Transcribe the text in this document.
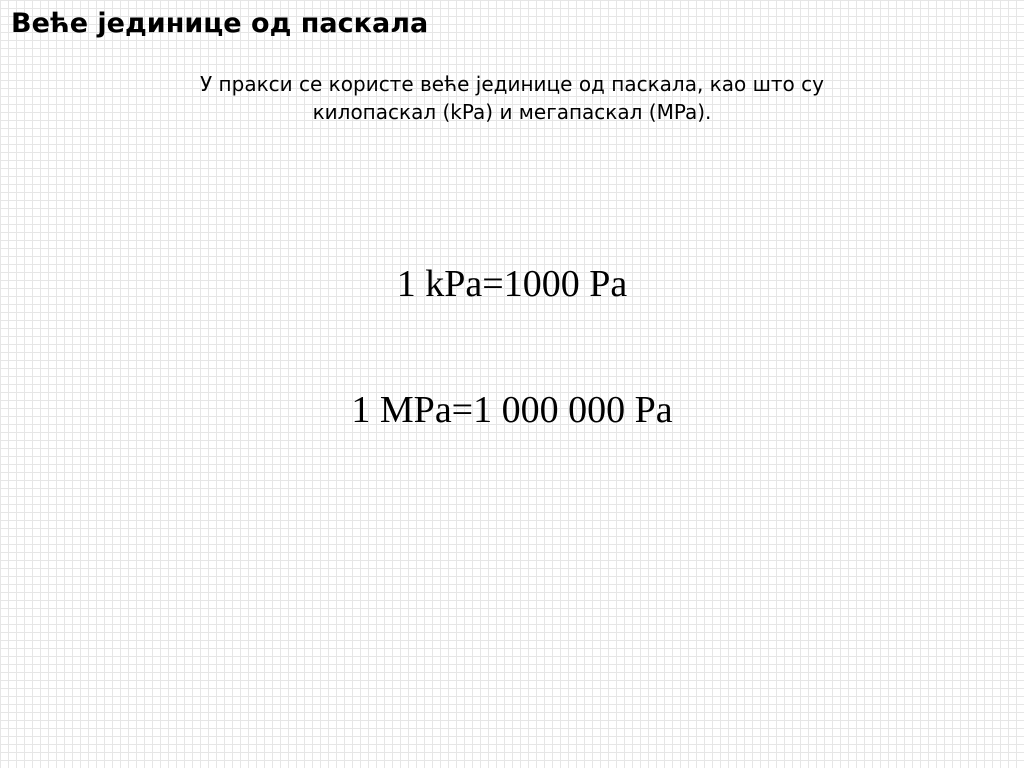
Веће јединице од паскала

У пракси се користе веће јединице од паскала, као што су
килопаскал (kPa) и мегапаскал (MPa).

1 kPa=1000 Pa

1 MPa=1 000 000 Pa
